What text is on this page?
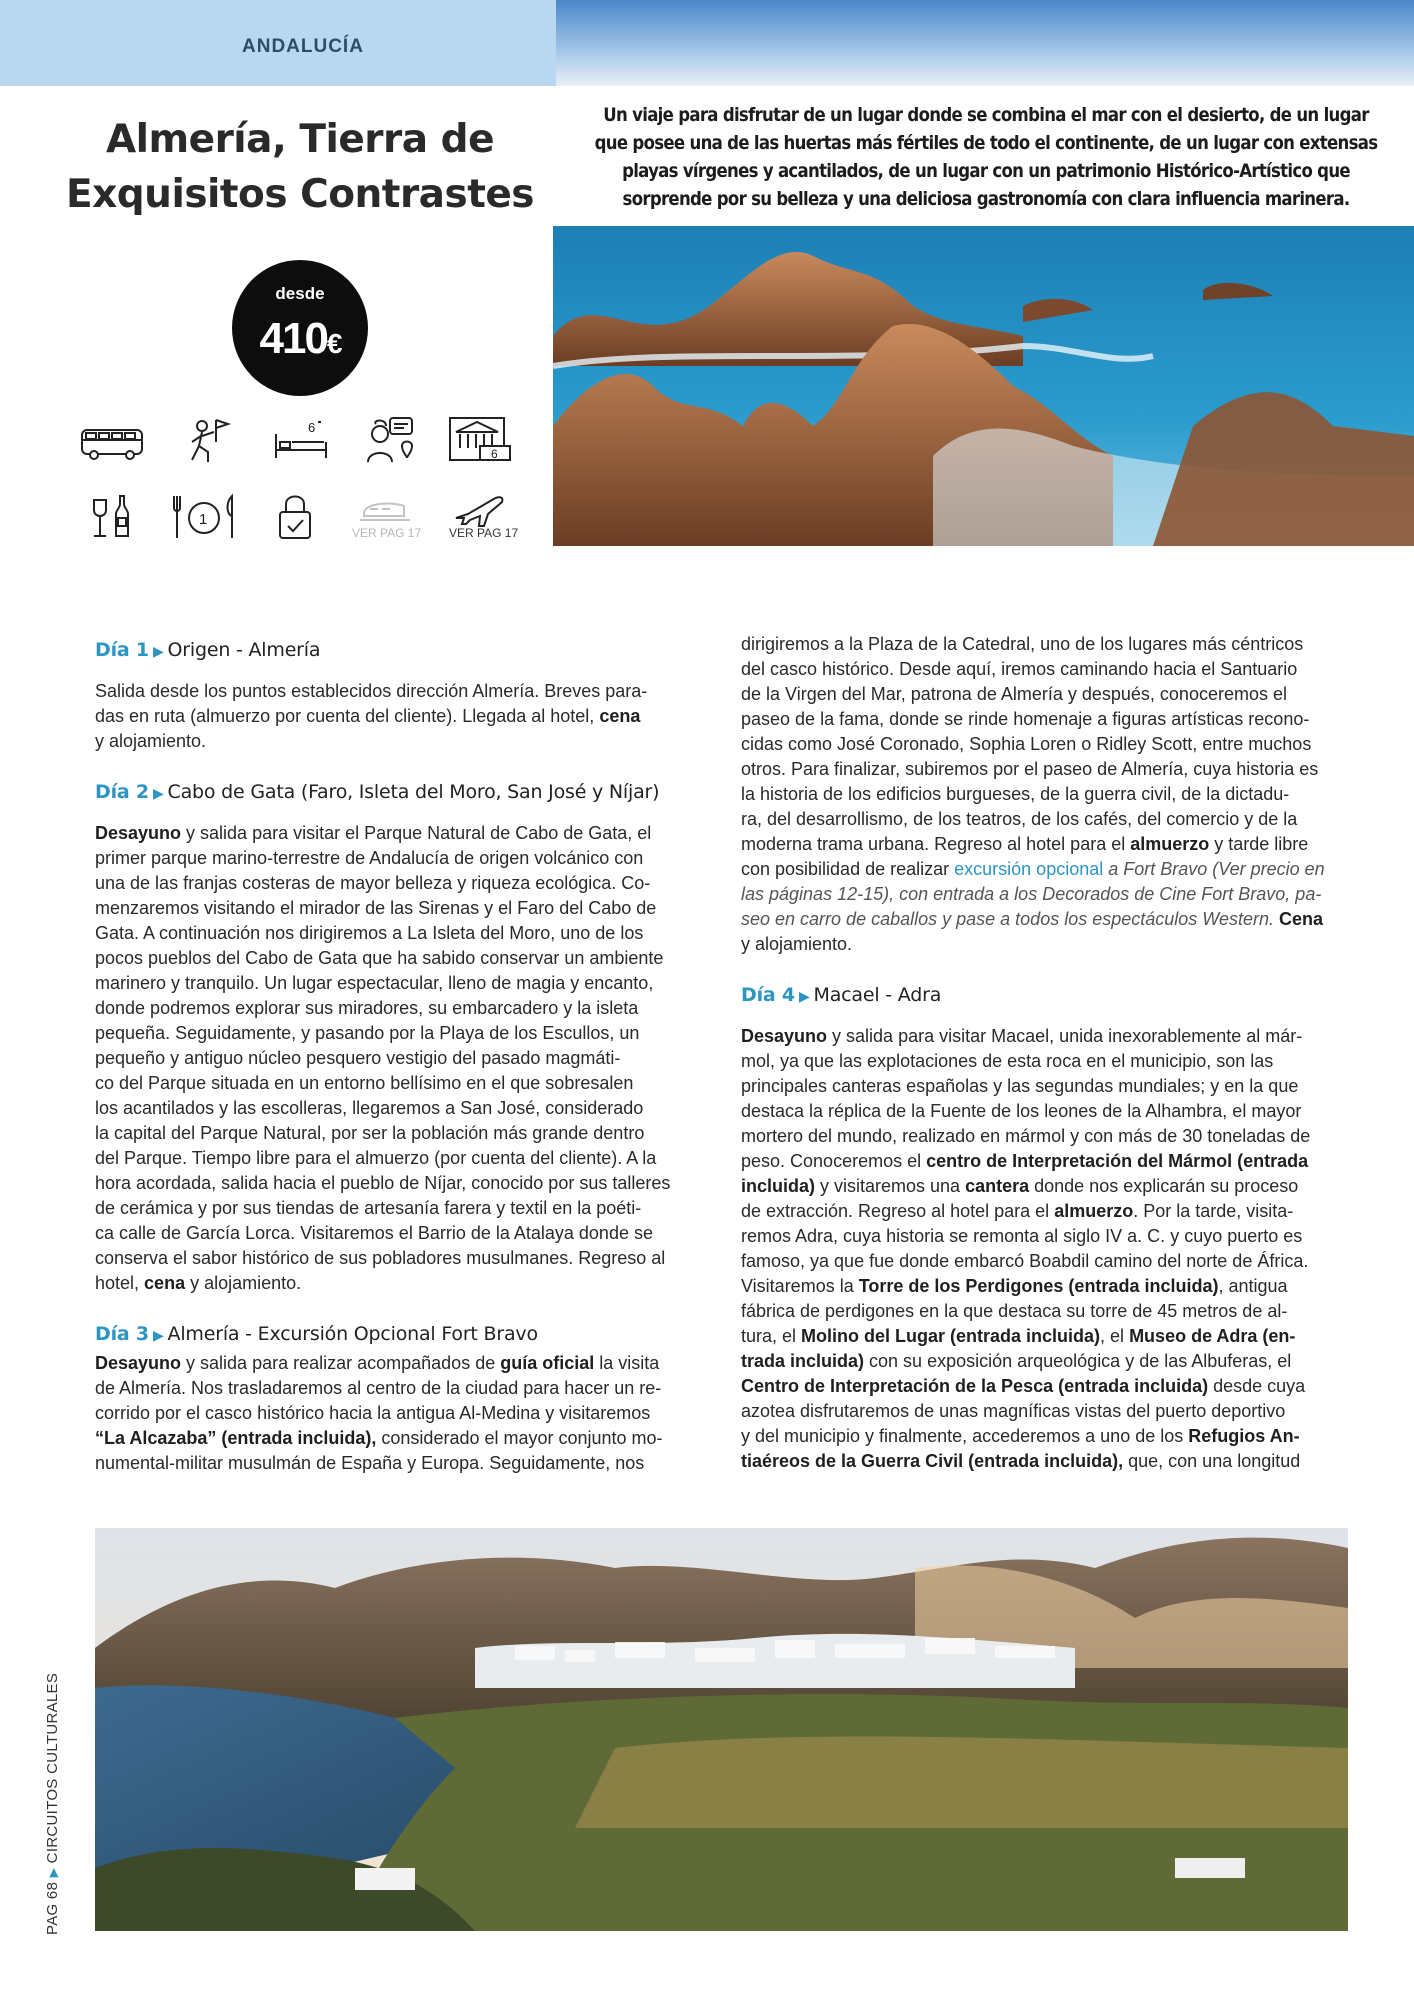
ANDALUCÍA
Almería, Tierra de
Exquisitos Contrastes
Un viaje para disfrutar de un lugar donde se combina el mar con el desierto, de un lugar
que posee una de las huertas más fértiles de todo el continente, de un lugar con extensas
playas vírgenes y acantilados, de un lugar con un patrimonio Histórico-Artístico que
sorprende por su belleza y una deliciosa gastronomía con clara influencia marinera.
desde
410€
6
6
1
VER PAG 17 VER PAG 17
Día 1 ▶ Origen - Almería

Salida desde los puntos establecidos dirección Almería. Breves para-
das en ruta (almuerzo por cuenta del cliente). Llegada al hotel, cena
y alojamiento.

Día 2 ▶ Cabo de Gata (Faro, Isleta del Moro, San José y Níjar)

Desayuno y salida para visitar el Parque Natural de Cabo de Gata, el
primer parque marino-terrestre de Andalucía de origen volcánico con
una de las franjas costeras de mayor belleza y riqueza ecológica. Co-
menzaremos visitando el mirador de las Sirenas y el Faro del Cabo de
Gata. A continuación nos dirigiremos a La Isleta del Moro, uno de los
pocos pueblos del Cabo de Gata que ha sabido conservar un ambiente
marinero y tranquilo. Un lugar espectacular, lleno de magia y encanto,
donde podremos explorar sus miradores, su embarcadero y la isleta
pequeña. Seguidamente, y pasando por la Playa de los Escullos, un
pequeño y antiguo núcleo pesquero vestigio del pasado magmáti-
co del Parque situada en un entorno bellísimo en el que sobresalen
los acantilados y las escolleras, llegaremos a San José, considerado
la capital del Parque Natural, por ser la población más grande dentro
del Parque. Tiempo libre para el almuerzo (por cuenta del cliente). A la
hora acordada, salida hacia el pueblo de Níjar, conocido por sus talleres
de cerámica y por sus tiendas de artesanía farera y textil en la poéti-
ca calle de García Lorca. Visitaremos el Barrio de la Atalaya donde se
conserva el sabor histórico de sus pobladores musulmanes. Regreso al
hotel, cena y alojamiento.

Día 3 ▶ Almería - Excursión Opcional Fort Bravo

Desayuno y salida para realizar acompañados de guía oficial la visita
de Almería. Nos trasladaremos al centro de la ciudad para hacer un re-
corrido por el casco histórico hacia la antigua Al-Medina y visitaremos
“La Alcazaba” (entrada incluida), considerado el mayor conjunto mo-
numental-militar musulmán de España y Europa. Seguidamente, nos

dirigiremos a la Plaza de la Catedral, uno de los lugares más céntricos
del casco histórico. Desde aquí, iremos caminando hacia el Santuario
de la Virgen del Mar, patrona de Almería y después, conoceremos el
paseo de la fama, donde se rinde homenaje a figuras artísticas recono-
cidas como José Coronado, Sophia Loren o Ridley Scott, entre muchos
otros. Para finalizar, subiremos por el paseo de Almería, cuya historia es
la historia de los edificios burgueses, de la guerra civil, de la dictadu-
ra, del desarrollismo, de los teatros, de los cafés, del comercio y de la

moderna trama urbana. Regreso al hotel para el almuerzo y tarde libre
con posibilidad de realizar excursión opcional a Fort Bravo (Ver precio en
las páginas 12-15), con entrada a los Decorados de Cine Fort Bravo, pa-
seo en carro de caballos y pase a todos los espectáculos Western. Cena
y alojamiento.

Día 4 ▶ Macael - Adra

Desayuno y salida para visitar Macael, unida inexorablemente al már-
mol, ya que las explotaciones de esta roca en el municipio, son las
principales canteras españolas y las segundas mundiales; y en la que
destaca la réplica de la Fuente de los leones de la Alhambra, el mayor
mortero del mundo, realizado en mármol y con más de 30 toneladas de
peso. Conoceremos el centro de Interpretación del Mármol (entrada
incluida) y visitaremos una cantera donde nos explicarán su proceso
de extracción. Regreso al hotel para el almuerzo. Por la tarde, visita-
remos Adra, cuya historia se remonta al siglo IV a. C. y cuyo puerto es
famoso, ya que fue donde embarcó Boabdil camino del norte de África.
Visitaremos la Torre de los Perdigones (entrada incluida), antigua
fábrica de perdigones en la que destaca su torre de 45 metros de al-
tura, el Molino del Lugar (entrada incluida), el Museo de Adra (en-
trada incluida) con su exposición arqueológica y de las Albuferas, el
Centro de Interpretación de la Pesca (entrada incluida) desde cuya
azotea disfrutaremos de unas magníficas vistas del puerto deportivo
y del municipio y finalmente, accederemos a uno de los Refugios An-
tiaéreos de la Guerra Civil (entrada incluida), que, con una longitud

PAG 68 ▶ CIRCUITOS CULTURALES
